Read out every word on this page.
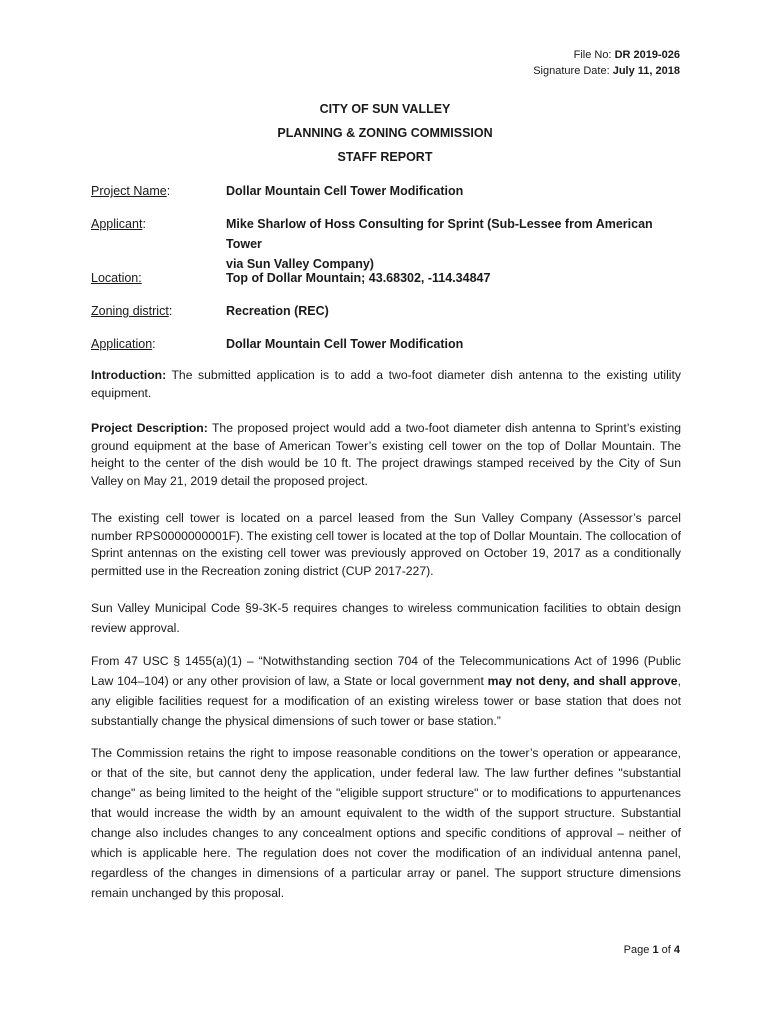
File No: DR 2019-026
Signature Date: July 11, 2018
CITY OF SUN VALLEY
PLANNING & ZONING COMMISSION
STAFF REPORT
Project Name:	Dollar Mountain Cell Tower Modification
Applicant:	Mike Sharlow of Hoss Consulting for Sprint (Sub-Lessee from American Tower
via Sun Valley Company)
Location:	Top of Dollar Mountain; 43.68302, -114.34847
Zoning district:	Recreation (REC)
Application:	Dollar Mountain Cell Tower Modification
Introduction: The submitted application is to add a two-foot diameter dish antenna to the existing utility equipment.
Project Description: The proposed project would add a two-foot diameter dish antenna to Sprint’s existing ground equipment at the base of American Tower’s existing cell tower on the top of Dollar Mountain. The height to the center of the dish would be 10 ft. The project drawings stamped received by the City of Sun Valley on May 21, 2019 detail the proposed project.
The existing cell tower is located on a parcel leased from the Sun Valley Company (Assessor’s parcel number RPS0000000001F). The existing cell tower is located at the top of Dollar Mountain. The collocation of Sprint antennas on the existing cell tower was previously approved on October 19, 2017 as a conditionally permitted use in the Recreation zoning district (CUP 2017-227).
Sun Valley Municipal Code §9-3K-5 requires changes to wireless communication facilities to obtain design review approval.
From 47 USC § 1455(a)(1) – “Notwithstanding section 704 of the Telecommunications Act of 1996 (Public Law 104–104) or any other provision of law, a State or local government may not deny, and shall approve, any eligible facilities request for a modification of an existing wireless tower or base station that does not substantially change the physical dimensions of such tower or base station.”
The Commission retains the right to impose reasonable conditions on the tower’s operation or appearance, or that of the site, but cannot deny the application, under federal law. The law further defines "substantial change" as being limited to the height of the "eligible support structure" or to modifications to appurtenances that would increase the width by an amount equivalent to the width of the support structure. Substantial change also includes changes to any concealment options and specific conditions of approval – neither of which is applicable here. The regulation does not cover the modification of an individual antenna panel, regardless of the changes in dimensions of a particular array or panel. The support structure dimensions remain unchanged by this proposal.
Page 1 of 4
